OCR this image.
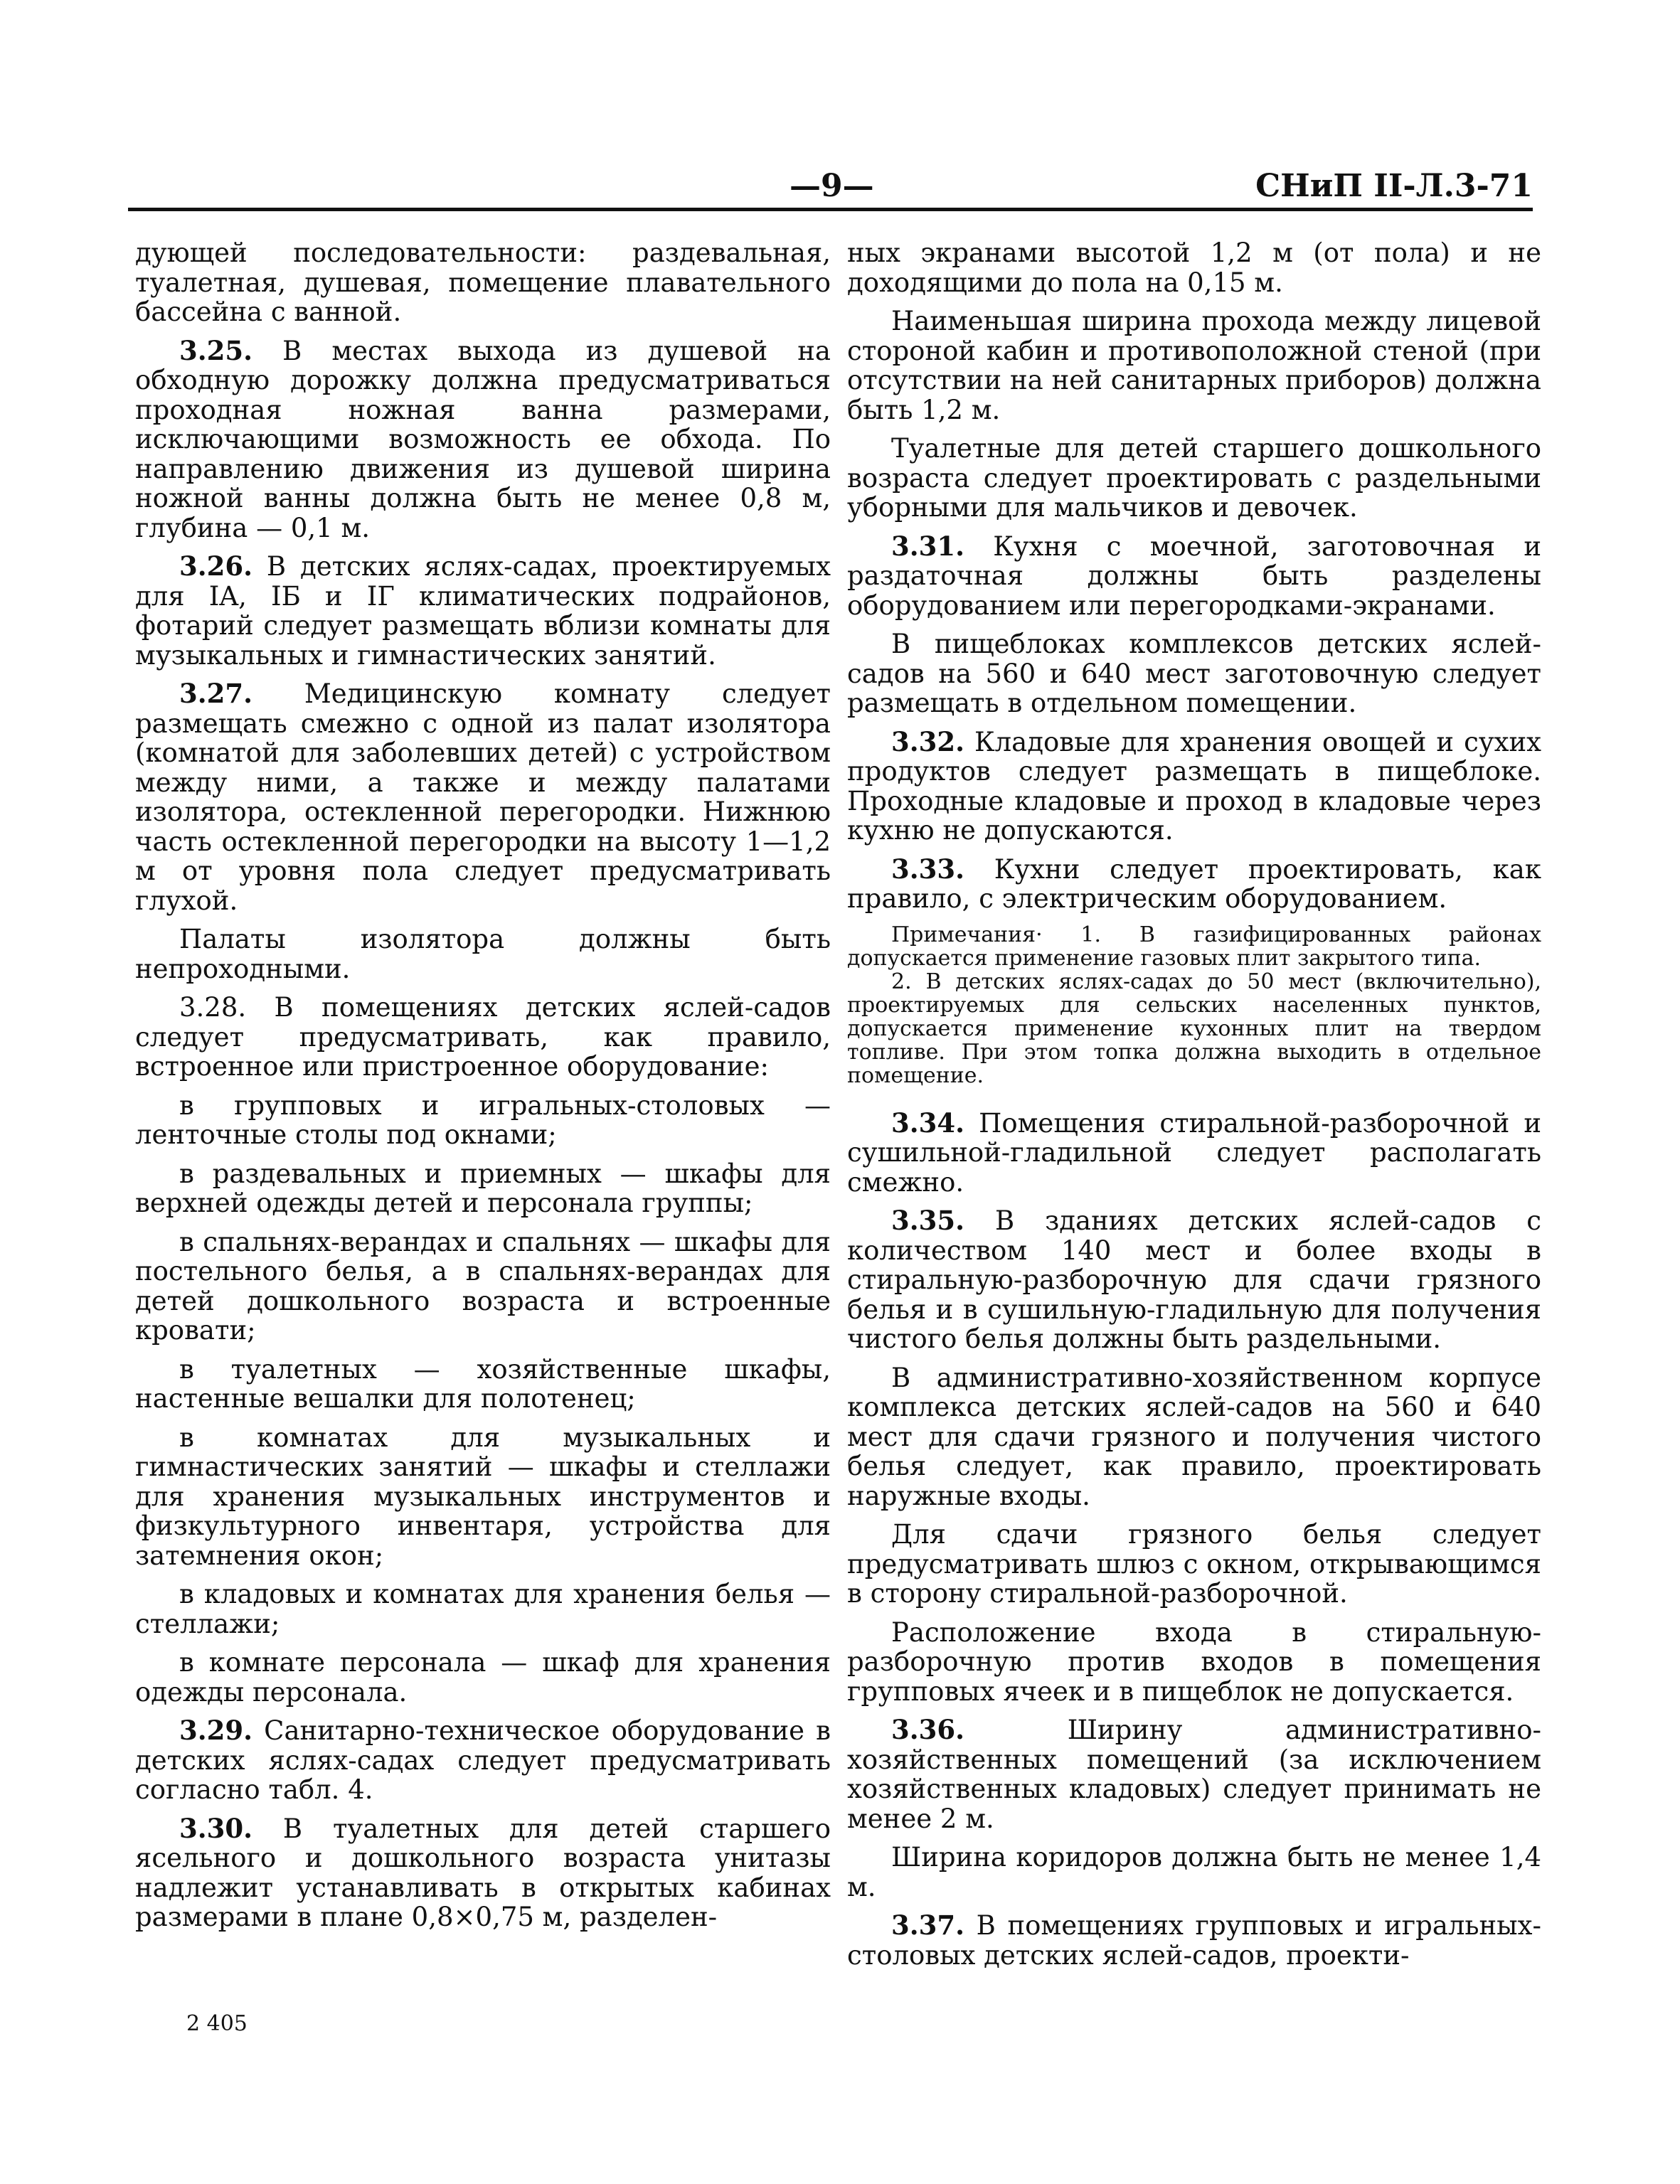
—9—	СНиП II-Л.3-71

дующей последовательности: раздевальная, туалетная, душевая, помещение плавательного бассейна с ванной.

3.25. В местах выхода из душевой на обходную дорожку должна предусматриваться проходная ножная ванна размерами, исключающими возможность ее обхода. По направлению движения из душевой ширина ножной ванны должна быть не менее 0,8 м, глубина — 0,1 м.

3.26. В детских яслях-садах, проектируемых для IA, IБ и IГ климатических подрайонов, фотарий следует размещать вблизи комнаты для музыкальных и гимнастических занятий.

3.27. Медицинскую комнату следует размещать смежно с одной из палат изолятора (комнатой для заболевших детей) с устройством между ними, а также и между палатами изолятора, остекленной перегородки. Нижнюю часть остекленной перегородки на высоту 1—1,2 м от уровня пола следует предусматривать глухой.

Палаты изолятора должны быть непроходными.

3.28. В помещениях детских яслей-садов следует предусматривать, как правило, встроенное или пристроенное оборудование:

в групповых и игральных-столовых — ленточные столы под окнами;

в раздевальных и приемных — шкафы для верхней одежды детей и персонала группы;

в спальнях-верандах и спальнях — шкафы для постельного белья, а в спальнях-верандах для детей дошкольного возраста и встроенные кровати;

в туалетных — хозяйственные шкафы, настенные вешалки для полотенец;

в комнатах для музыкальных и гимнастических занятий — шкафы и стеллажи для хранения музыкальных инструментов и физкультурного инвентаря, устройства для затемнения окон;

в кладовых и комнатах для хранения белья — стеллажи;

в комнате персонала — шкаф для хранения одежды персонала.

3.29. Санитарно-техническое оборудование в детских яслях-садах следует предусматривать согласно табл. 4.

3.30. В туалетных для детей старшего ясельного и дошкольного возраста унитазы надлежит устанавливать в открытых кабинах размерами в плане 0,8×0,75 м, разделен-

ных экранами высотой 1,2 м (от пола) и не доходящими до пола на 0,15 м.

Наименьшая ширина прохода между лицевой стороной кабин и противоположной стеной (при отсутствии на ней санитарных приборов) должна быть 1,2 м.

Туалетные для детей старшего дошкольного возраста следует проектировать с раздельными уборными для мальчиков и девочек.

3.31. Кухня с моечной, заготовочная и раздаточная должны быть разделены оборудованием или перегородками-экранами.

В пищеблоках комплексов детских яслей-садов на 560 и 640 мест заготовочную следует размещать в отдельном помещении.

3.32. Кладовые для хранения овощей и сухих продуктов следует размещать в пищеблоке. Проходные кладовые и проход в кладовые через кухню не допускаются.

3.33. Кухни следует проектировать, как правило, с электрическим оборудованием.

Примечания· 1. В газифицированных районах допускается применение газовых плит закрытого типа.

2. В детских яслях-садах до 50 мест (включительно), проектируемых для сельских населенных пунктов, допускается применение кухонных плит на твердом топливе. При этом топка должна выходить в отдельное помещение.

3.34. Помещения стиральной-разборочной и сушильной-гладильной следует располагать смежно.

3.35. В зданиях детских яслей-садов с количеством 140 мест и более входы в стиральную-разборочную для сдачи грязного белья и в сушильную-гладильную для получения чистого белья должны быть раздельными.

В административно-хозяйственном корпусе комплекса детских яслей-садов на 560 и 640 мест для сдачи грязного и получения чистого белья следует, как правило, проектировать наружные входы.

Для сдачи грязного белья следует предусматривать шлюз с окном, открывающимся в сторону стиральной-разборочной.

Расположение входа в стиральную-разборочную против входов в помещения групповых ячеек и в пищеблок не допускается.

3.36. Ширину административно-хозяйственных помещений (за исключением хозяйственных кладовых) следует принимать не менее 2 м.

Ширина коридоров должна быть не менее 1,4 м.

3.37. В помещениях групповых и игральных-столовых детских яслей-садов, проекти-

2 405
